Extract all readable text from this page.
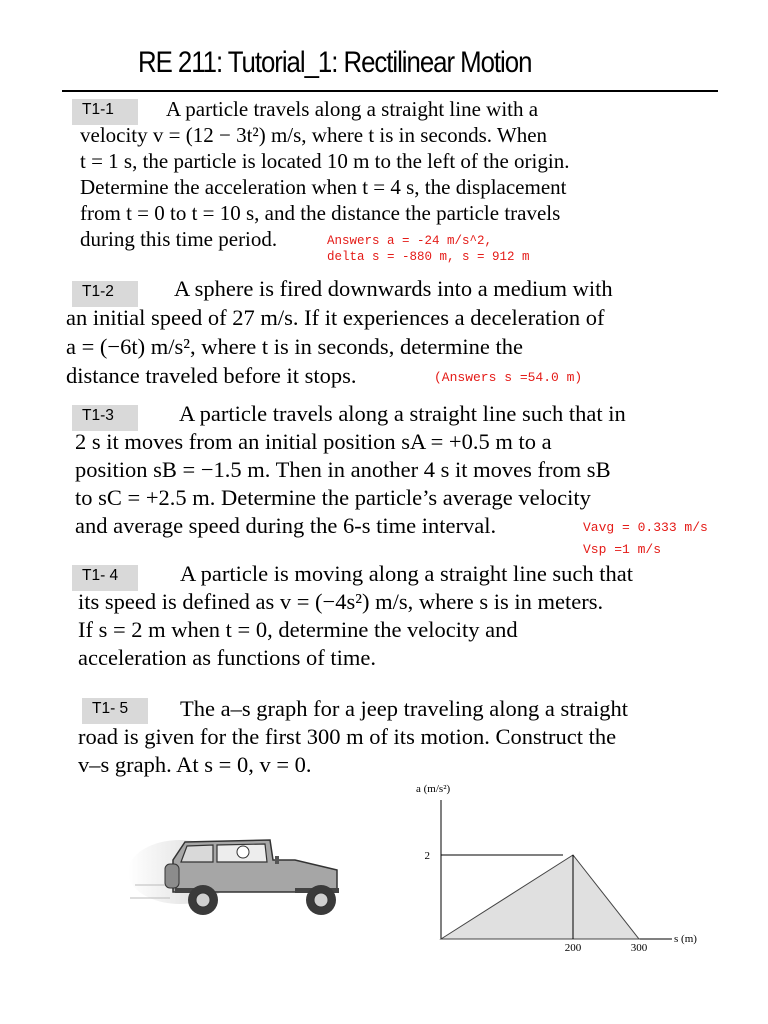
RE 211: Tutorial_1: Rectilinear Motion
T1-1	A particle travels along a straight line with a
velocity v = (12 − 3t²) m/s, where t is in seconds. When
t = 1 s, the particle is located 10 m to the left of the origin.
Determine the acceleration when t = 4 s, the displacement
from t = 0 to t = 10 s, and the distance the particle travels
during this time period.	Answers a = -24 m/s^2,
delta s = -880 m, s = 912 m
T1-2	A sphere is fired downwards into a medium with
an initial speed of 27 m/s. If it experiences a deceleration of
a = (−6t) m/s², where t is in seconds, determine the
distance traveled before it stops.	(Answers s =54.0 m)
T1-3	A particle travels along a straight line such that in
2 s it moves from an initial position sA = +0.5 m to a
position sB = −1.5 m. Then in another 4 s it moves from sB
to sC = +2.5 m. Determine the particle’s average velocity
and average speed during the 6-s time interval.	Vavg = 0.333 m/s
Vsp =1 m/s
T1- 4	A particle is moving along a straight line such that
its speed is defined as v = (−4s²) m/s, where s is in meters.
If s = 2 m when t = 0, determine the velocity and
acceleration as functions of time.
T1- 5	The a–s graph for a jeep traveling along a straight
road is given for the first 300 m of its motion. Construct the
v–s graph. At s = 0, v = 0.
a (m/s²)
2
200	300
s (m)
